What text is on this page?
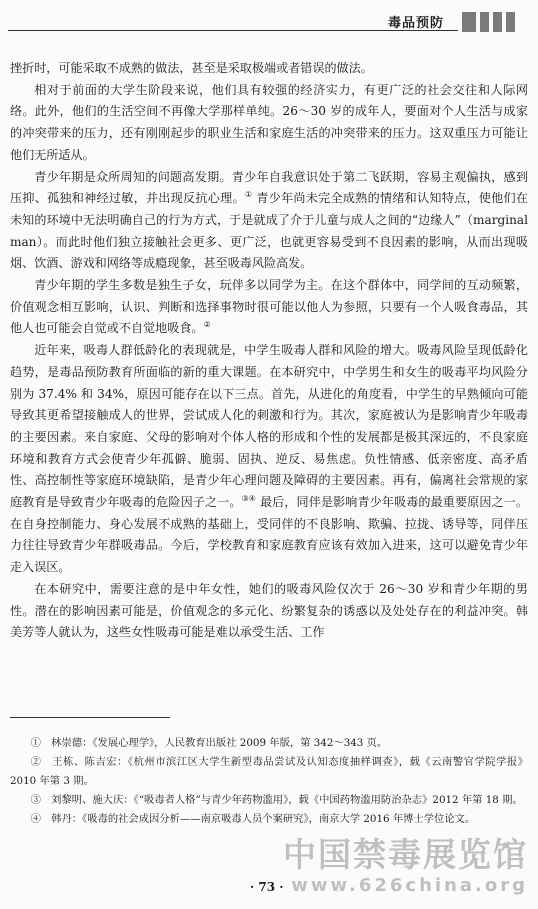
毒品预防

挫折时，可能采取不成熟的做法，甚至是采取极端或者错误的做法。

相对于前面的大学生阶段来说，他们具有较强的经济实力，有更广泛的社会交往和人际网络。此外，他们的生活空间不再像大学那样单纯。26～30 岁的成年人，要面对个人生活与成家的冲突带来的压力，还有刚刚起步的职业生活和家庭生活的冲突带来的压力。这双重压力可能让他们无所适从。

青少年期是众所周知的问题高发期。青少年自我意识处于第二飞跃期，容易主观偏执，感到压抑、孤独和神经过敏，并出现反抗心理。① 青少年尚未完全成熟的情绪和认知特点，使他们在未知的环境中无法明确自己的行为方式，于是就成了介于儿童与成人之间的“边缘人”（marginal man）。而此时他们独立接触社会更多、更广泛，也就更容易受到不良因素的影响，从而出现吸烟、饮酒、游戏和网络等成瘾现象，甚至吸毒风险高发。

青少年期的学生多数是独生子女，玩伴多以同学为主。在这个群体中，同学间的互动频繁，价值观念相互影响，认识、判断和选择事物时很可能以他人为参照，只要有一个人吸食毒品，其他人也可能会自觉或不自觉地吸食。②

近年来，吸毒人群低龄化的表现就是，中学生吸毒人群和风险的增大。吸毒风险呈现低龄化趋势，是毒品预防教育所面临的新的重大课题。在本研究中，中学男生和女生的吸毒平均风险分别为 37.4% 和 34%，原因可能存在以下三点。首先，从进化的角度看，中学生的早熟倾向可能导致其更希望接触成人的世界，尝试成人化的刺激和行为。其次，家庭被认为是影响青少年吸毒的主要因素。来自家庭、父母的影响对个体人格的形成和个性的发展都是极其深远的，不良家庭环境和教育方式会使青少年孤僻、脆弱、固执、逆反、易焦虑。负性情感、低亲密度、高矛盾性、高控制性等家庭环境缺陷，是青少年心理问题及障碍的主要因素。再有，偏离社会常规的家庭教育是导致青少年吸毒的危险因子之一。③④ 最后，同伴是影响青少年吸毒的最重要原因之一。在自身控制能力、身心发展不成熟的基础上，受同伴的不良影响、欺骗、拉拢、诱导等，同伴压力往往导致青少年群吸毒品。今后，学校教育和家庭教育应该有效加入进来，这可以避免青少年走入误区。

在本研究中，需要注意的是中年女性，她们的吸毒风险仅次于 26～30 岁和青少年期的男性。潜在的影响因素可能是，价值观念的多元化、纷繁复杂的诱惑以及处处存在的利益冲突。韩美芳等人就认为，这些女性吸毒可能是难以承受生活、工作

①　林崇德：《发展心理学》，人民教育出版社 2009 年版，第 342～343 页。

②　王栋、陈吉宏：《杭州市滨江区大学生新型毒品尝试及认知态度抽样调查》，载《云南警官学院学报》2010 年第 3 期。

③　刘黎明、施大庆：《“吸毒者人格”与青少年药物滥用》，载《中国药物滥用防治杂志》2012 年第 18 期。

④　韩丹：《吸毒的社会成因分析——南京吸毒人员个案研究》，南京大学 2016 年博士学位论文。

中国禁毒展览馆
www.626china.org
· 73 ·
